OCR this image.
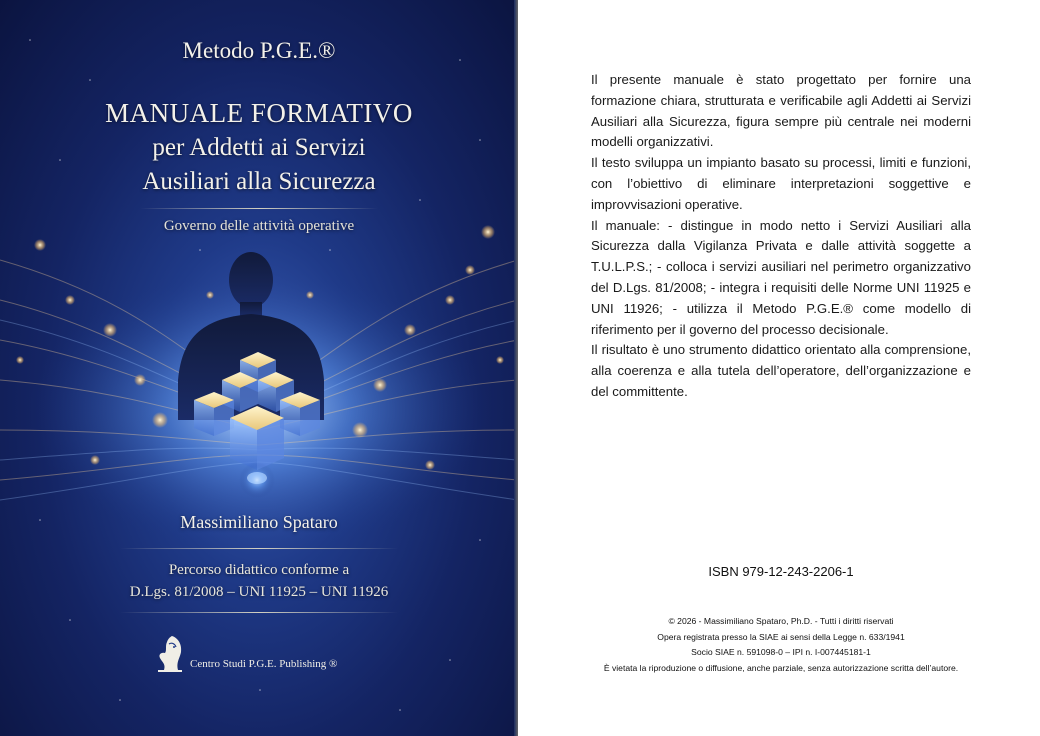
Metodo P.G.E.®
MANUALE FORMATIVO
per Addetti ai Servizi
Ausiliari alla Sicurezza
Governo delle attività operative
Massimiliano Spataro
Percorso didattico conforme a
D.Lgs. 81/2008 – UNI 11925 – UNI 11926
Centro Studi P.G.E. Publishing ®

Il presente manuale è stato progettato per fornire una formazione chiara, strutturata e verificabile agli Addetti ai Servizi Ausiliari alla Sicurezza, figura sempre più centrale nei moderni modelli organizzativi.

Il testo sviluppa un impianto basato su processi, limiti e funzioni, con l’obiettivo di eliminare interpretazioni soggettive e improvvisazioni operative.

Il manuale: - distingue in modo netto i Servizi Ausiliari alla Sicurezza dalla Vigilanza Privata e dalle attività soggette a T.U.L.P.S.; - colloca i servizi ausiliari nel perimetro organizzativo del D.Lgs. 81/2008; - integra i requisiti delle Norme UNI 11925 e UNI 11926; - utilizza il Metodo P.G.E.® come modello di riferimento per il governo del processo decisionale.

Il risultato è uno strumento didattico orientato alla comprensione, alla coerenza e alla tutela dell’operatore, dell’organizzazione e del committente.

ISBN 979-12-243-2206-1
© 2026 - Massimiliano Spataro, Ph.D. - Tutti i diritti riservati
Opera registrata presso la SIAE ai sensi della Legge n. 633/1941
Socio SIAE n. 591098-0 – IPI n. I-007445181-1
È vietata la riproduzione o diffusione, anche parziale, senza autorizzazione scritta dell’autore.
